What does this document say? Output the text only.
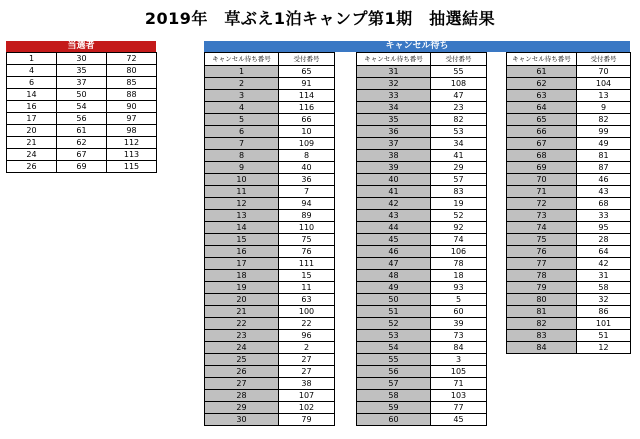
2019年　草ぶえ1泊キャンプ第1期　抽選結果
当選者
1	30	72
4	35	80
6	37	85
14	50	88
16	54	90
17	56	97
20	61	98
21	62	112
24	67	113
26	69	115
キャンセル待ち
キャンセル待ち番号	受付番号
1	65
2	91
3	114
4	116
5	66
6	10
7	109
8	8
9	40
10	36
11	7
12	94
13	89
14	110
15	75
16	76
17	111
18	15
19	11
20	63
21	100
22	22
23	96
24	2
25	27
26	27
27	38
28	107
29	102
30	79
キャンセル待ち番号	受付番号
31	55
32	108
33	47
34	23
35	82
36	53
37	34
38	41
39	29
40	57
41	83
42	19
43	52
44	92
45	74
46	106
47	78
48	18
49	93
50	5
51	60
52	39
53	73
54	84
55	3
56	105
57	71
58	103
59	77
60	45
キャンセル待ち番号	受付番号
61	70
62	104
63	13
64	9
65	82
66	99
67	49
68	81
69	87
70	46
71	43
72	68
73	33
74	95
75	28
76	64
77	42
78	31
79	58
80	32
81	86
82	101
83	51
84	12
